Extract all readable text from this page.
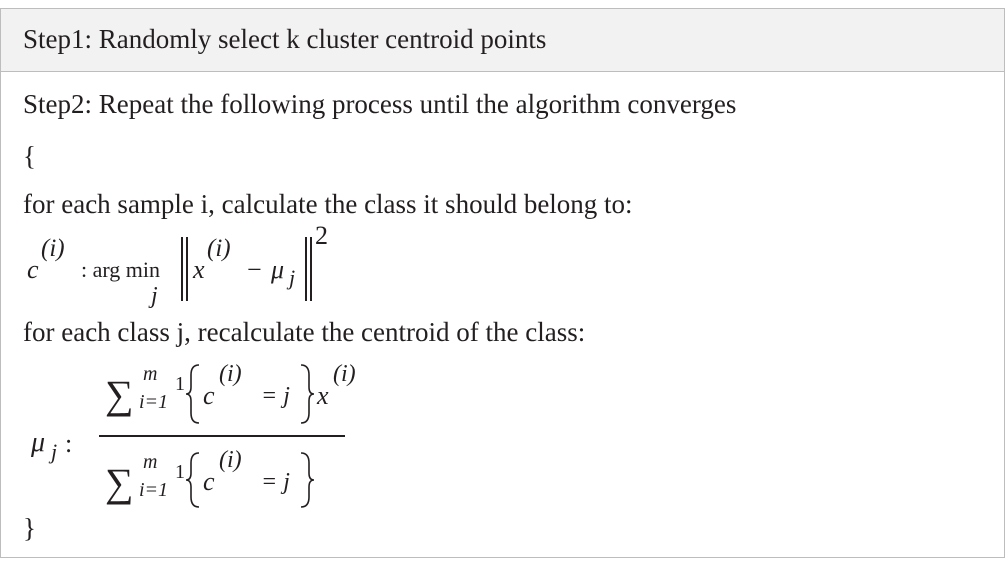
Step1: Randomly select k cluster centroid points
Step2: Repeat the following process until the algorithm converges
{
for each sample i, calculate the class it should belong to:
c
(i)
: arg min
j
x
(i)
− μ j
2
for each class j, recalculate the centroid of the class:
μ j :
∑ m
i=1
1 c
(i)
= j x
(i)
∑ m
i=1
1 c
(i)
= j
}
